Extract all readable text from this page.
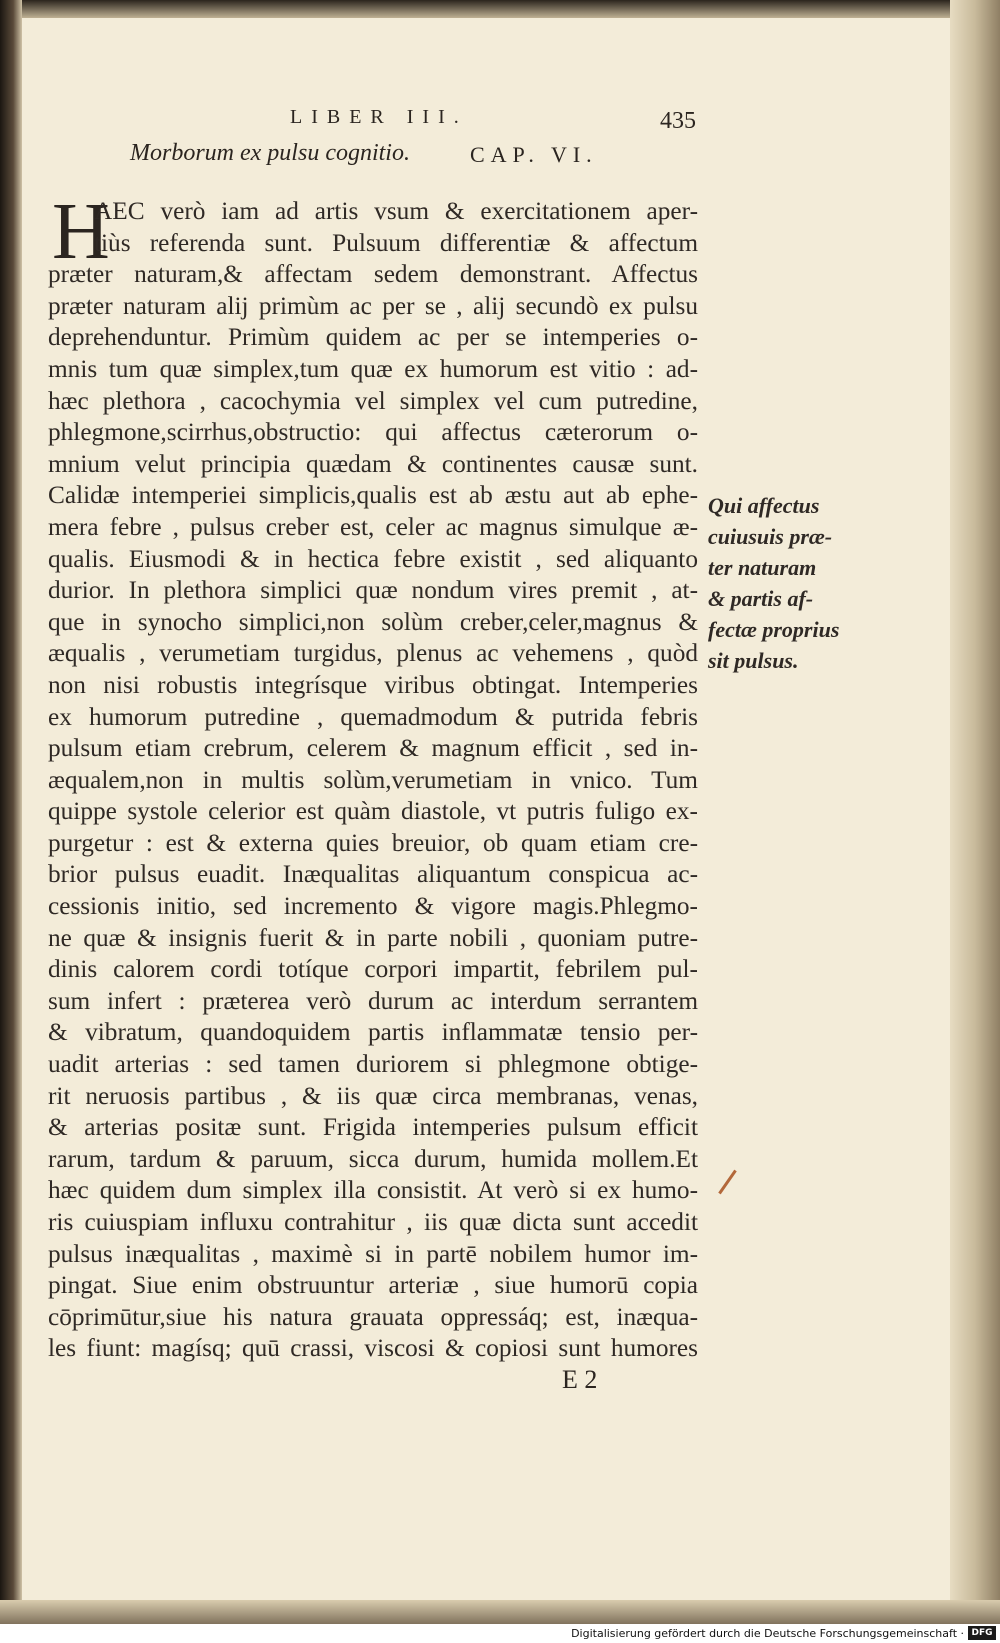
LIBER III.	435
Morborum ex pulsu cognitio.	CAP. VI.
H
AEC verò iam ad artis vsum & exercitationem aper-
tiùs referenda sunt. Pulsuum differentiæ & affectum
præter naturam,& affectam sedem demonstrant. Affectus
præter naturam alij primùm ac per se , alij secundò ex pulsu
deprehenduntur. Primùm quidem ac per se intemperies o-
mnis tum quæ simplex,tum quæ ex humorum est vitio : ad-
hæc plethora , cacochymia vel simplex vel cum putredine,
phlegmone,scirrhus,obstructio: qui affectus cæterorum o-
mnium velut principia quædam & continentes causæ sunt.
Calidæ intemperiei simplicis,qualis est ab æstu aut ab ephe-
mera febre , pulsus creber est, celer ac magnus simulque æ-
qualis. Eiusmodi & in hectica febre existit , sed aliquanto
durior. In plethora simplici quæ nondum vires premit , at-
que in synocho simplici,non solùm creber,celer,magnus &
æqualis , verumetiam turgidus, plenus ac vehemens , quòd
non nisi robustis integrísque viribus obtingat. Intemperies
ex humorum putredine , quemadmodum & putrida febris
pulsum etiam crebrum, celerem & magnum efficit , sed in-
æqualem,non in multis solùm,verumetiam in vnico. Tum
quippe systole celerior est quàm diastole, vt putris fuligo ex-
purgetur : est & externa quies breuior, ob quam etiam cre-
brior pulsus euadit. Inæqualitas aliquantum conspicua ac-
cessionis initio, sed incremento & vigore magis.Phlegmo-
ne quæ & insignis fuerit & in parte nobili , quoniam putre-
dinis calorem cordi totíque corpori impartit, febrilem pul-
sum infert : præterea verò durum ac interdum serrantem
& vibratum, quandoquidem partis inflammatæ tensio per-
uadit arterias : sed tamen duriorem si phlegmone obtige-
rit neruosis partibus , & iis quæ circa membranas, venas,
& arterias positæ sunt. Frigida intemperies pulsum efficit
rarum, tardum & paruum, sicca durum, humida mollem.Et
hæc quidem dum simplex illa consistit. At verò si ex humo-
ris cuiuspiam influxu contrahitur , iis quæ dicta sunt accedit
pulsus inæqualitas , maximè si in partē nobilem humor im-
pingat. Siue enim obstruuntur arteriæ , siue humorū copia
cōprimūtur,siue his natura grauata oppressáq; est, inæqua-
les fiunt: magísq; quū crassi, viscosi & copiosi sunt humores
Qui affectus
cuiusuis præ-
ter naturam
& partis af-
fectæ proprius
sit pulsus.
E 2
Digitalisierung gefördert durch die Deutsche Forschungsgemeinschaft · DFG
